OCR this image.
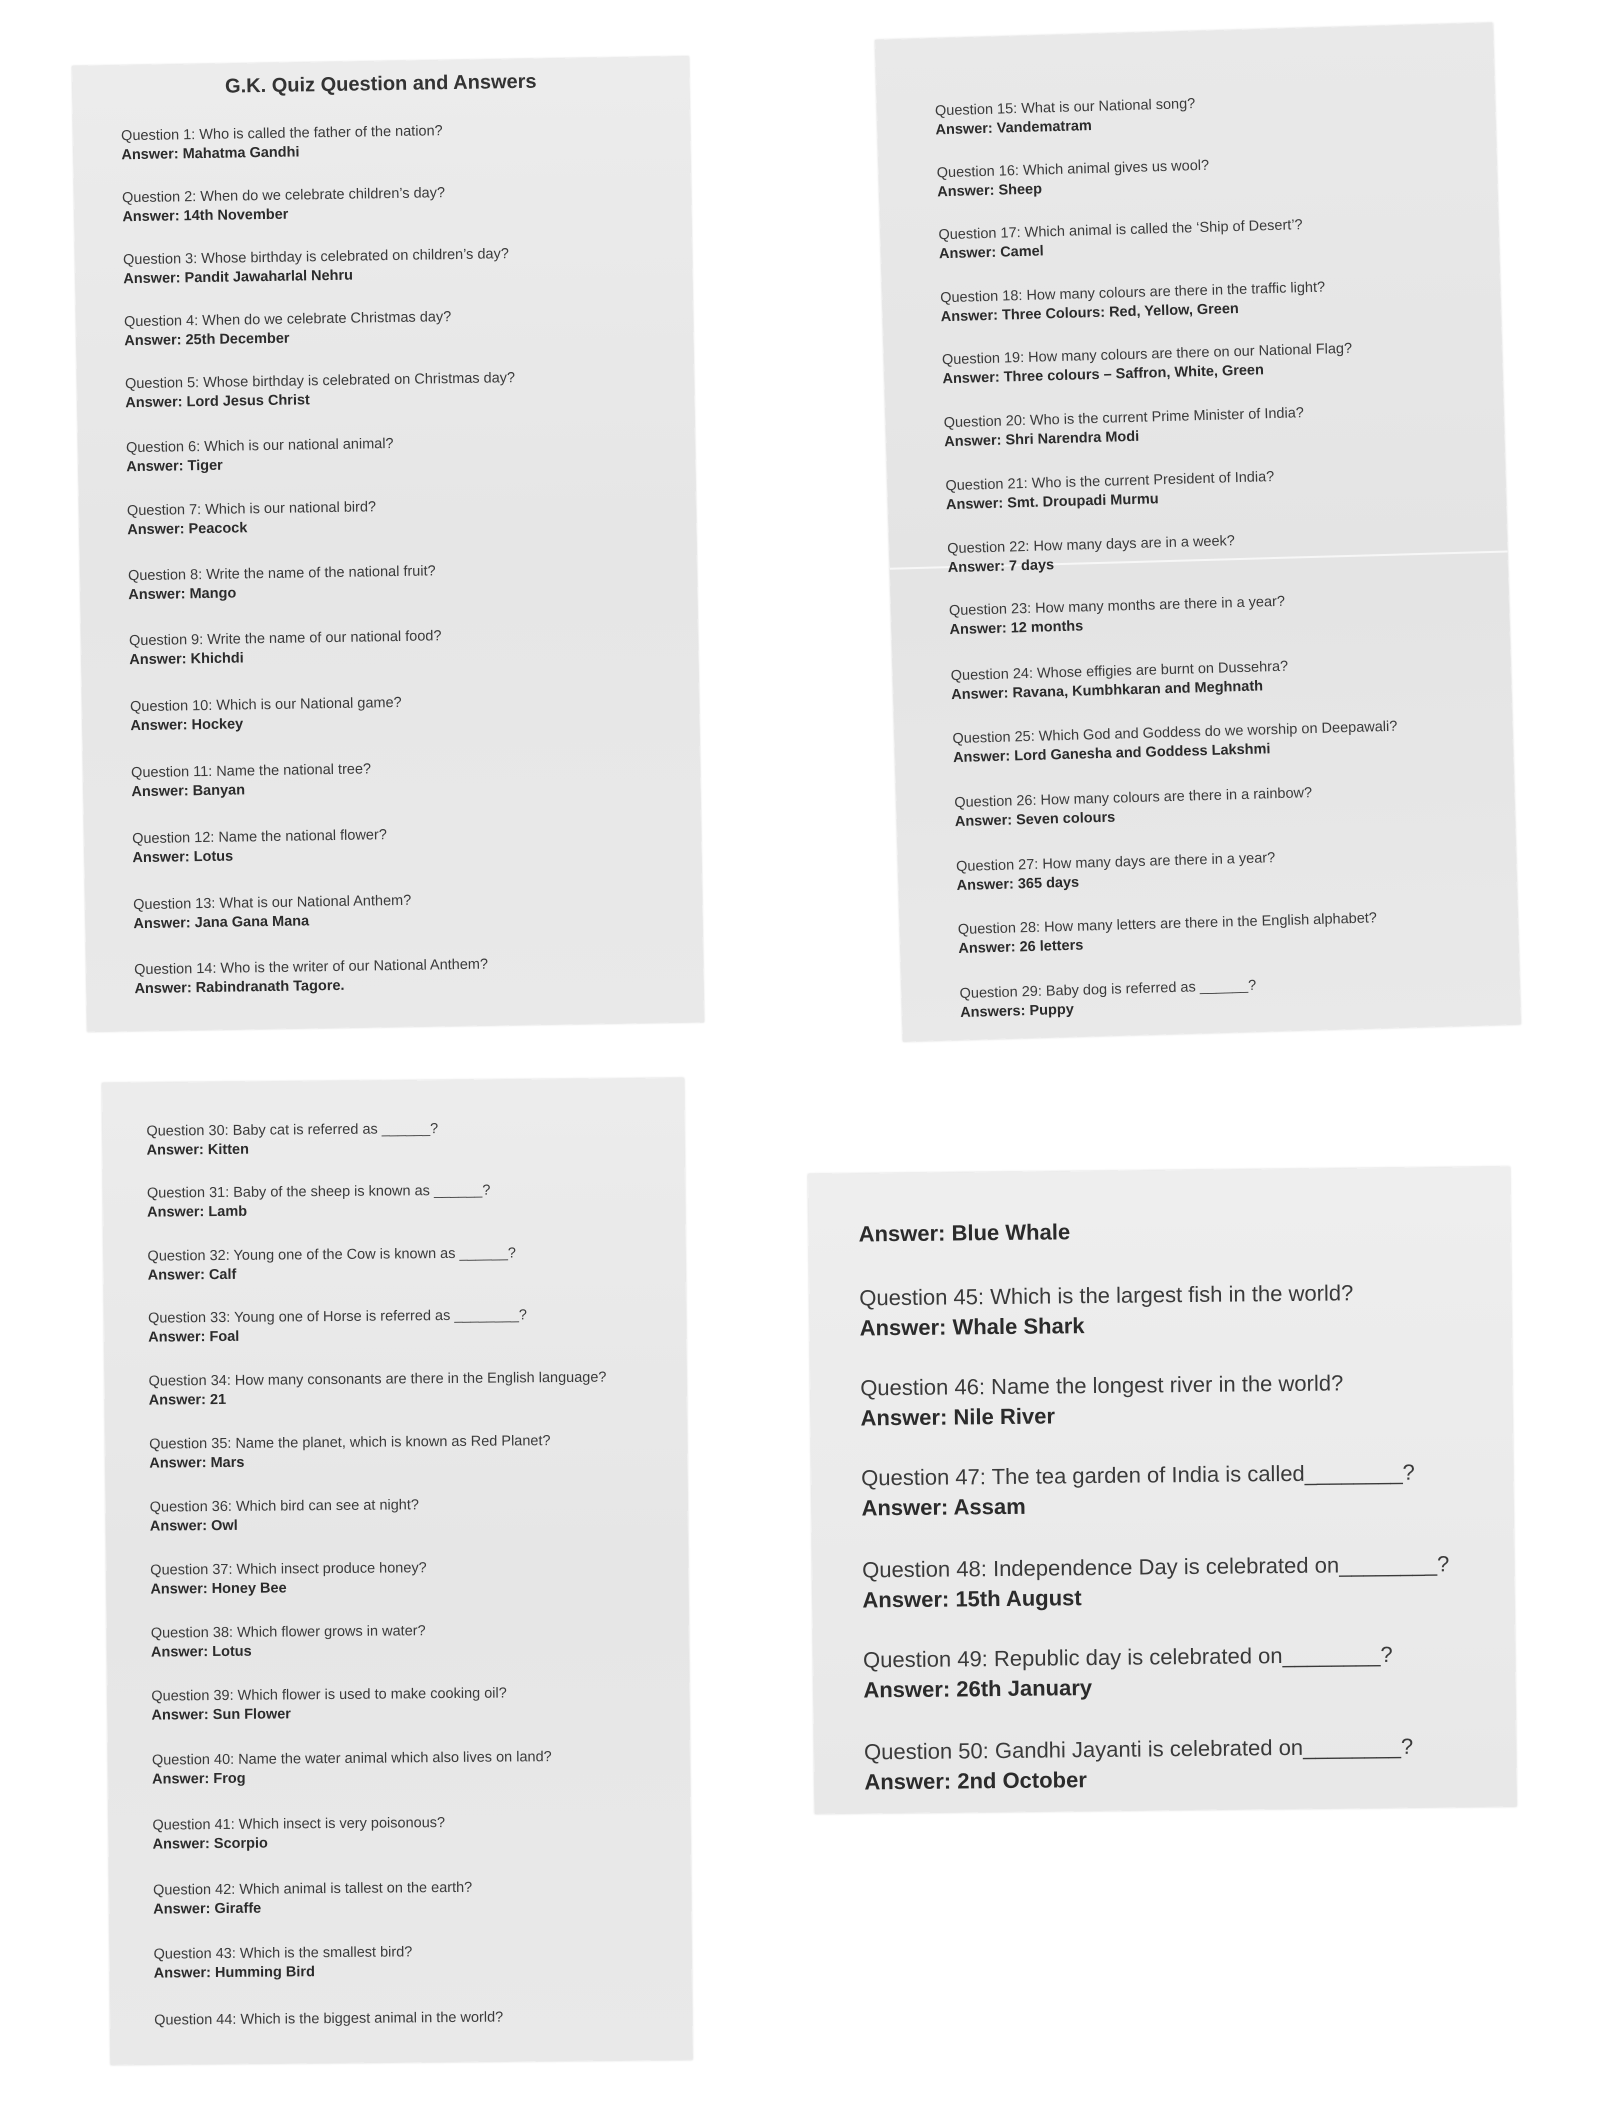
G.K. Quiz Question and Answers
Question 1: Who is called the father of the nation?
Answer: Mahatma Gandhi
Question 2: When do we celebrate children’s day?
Answer: 14th November
Question 3: Whose birthday is celebrated on children’s day?
Answer: Pandit Jawaharlal Nehru
Question 4: When do we celebrate Christmas day?
Answer: 25th December
Question 5: Whose birthday is celebrated on Christmas day?
Answer: Lord Jesus Christ
Question 6: Which is our national animal?
Answer: Tiger
Question 7: Which is our national bird?
Answer: Peacock
Question 8: Write the name of the national fruit?
Answer: Mango
Question 9: Write the name of our national food?
Answer: Khichdi
Question 10: Which is our National game?
Answer: Hockey
Question 11: Name the national tree?
Answer: Banyan
Question 12: Name the national flower?
Answer: Lotus
Question 13: What is our National Anthem?
Answer: Jana Gana Mana
Question 14: Who is the writer of our National Anthem?
Answer: Rabindranath Tagore.
Question 15: What is our National song?
Answer: Vandematram
Question 16: Which animal gives us wool?
Answer: Sheep
Question 17: Which animal is called the ‘Ship of Desert’?
Answer: Camel
Question 18: How many colours are there in the traffic light?
Answer: Three Colours: Red, Yellow, Green
Question 19: How many colours are there on our National Flag?
Answer: Three colours – Saffron, White, Green
Question 20: Who is the current Prime Minister of India?
Answer: Shri Narendra Modi
Question 21: Who is the current President of India?
Answer: Smt. Droupadi Murmu
Question 22: How many days are in a week?
Answer: 7 days
Question 23: How many months are there in a year?
Answer: 12 months
Question 24: Whose effigies are burnt on Dussehra?
Answer: Ravana, Kumbhkaran and Meghnath
Question 25: Which God and Goddess do we worship on Deepawali?
Answer: Lord Ganesha and Goddess Lakshmi
Question 26: How many colours are there in a rainbow?
Answer: Seven colours
Question 27: How many days are there in a year?
Answer: 365 days
Question 28: How many letters are there in the English alphabet?
Answer: 26 letters
Question 29: Baby dog is referred as ______?
Answers: Puppy
Question 30: Baby cat is referred as ______?
Answer: Kitten
Question 31: Baby of the sheep is known as ______?
Answer: Lamb
Question 32: Young one of the Cow is known as ______?
Answer: Calf
Question 33: Young one of Horse is referred as ________?
Answer: Foal
Question 34: How many consonants are there in the English language?
Answer: 21
Question 35: Name the planet, which is known as Red Planet?
Answer: Mars
Question 36: Which bird can see at night?
Answer: Owl
Question 37: Which insect produce honey?
Answer: Honey Bee
Question 38: Which flower grows in water?
Answer: Lotus
Question 39: Which flower is used to make cooking oil?
Answer: Sun Flower
Question 40: Name the water animal which also lives on land?
Answer: Frog
Question 41: Which insect is very poisonous?
Answer: Scorpio
Question 42: Which animal is tallest on the earth?
Answer: Giraffe
Question 43: Which is the smallest bird?
Answer: Humming Bird
Question 44: Which is the biggest animal in the world?
Answer: Blue Whale
Question 45: Which is the largest fish in the world?
Answer: Whale Shark
Question 46: Name the longest river in the world?
Answer: Nile River
Question 47: The tea garden of India is called________?
Answer: Assam
Question 48: Independence Day is celebrated on________?
Answer: 15th August
Question 49: Republic day is celebrated on________?
Answer: 26th January
Question 50: Gandhi Jayanti is celebrated on________?
Answer: 2nd October
